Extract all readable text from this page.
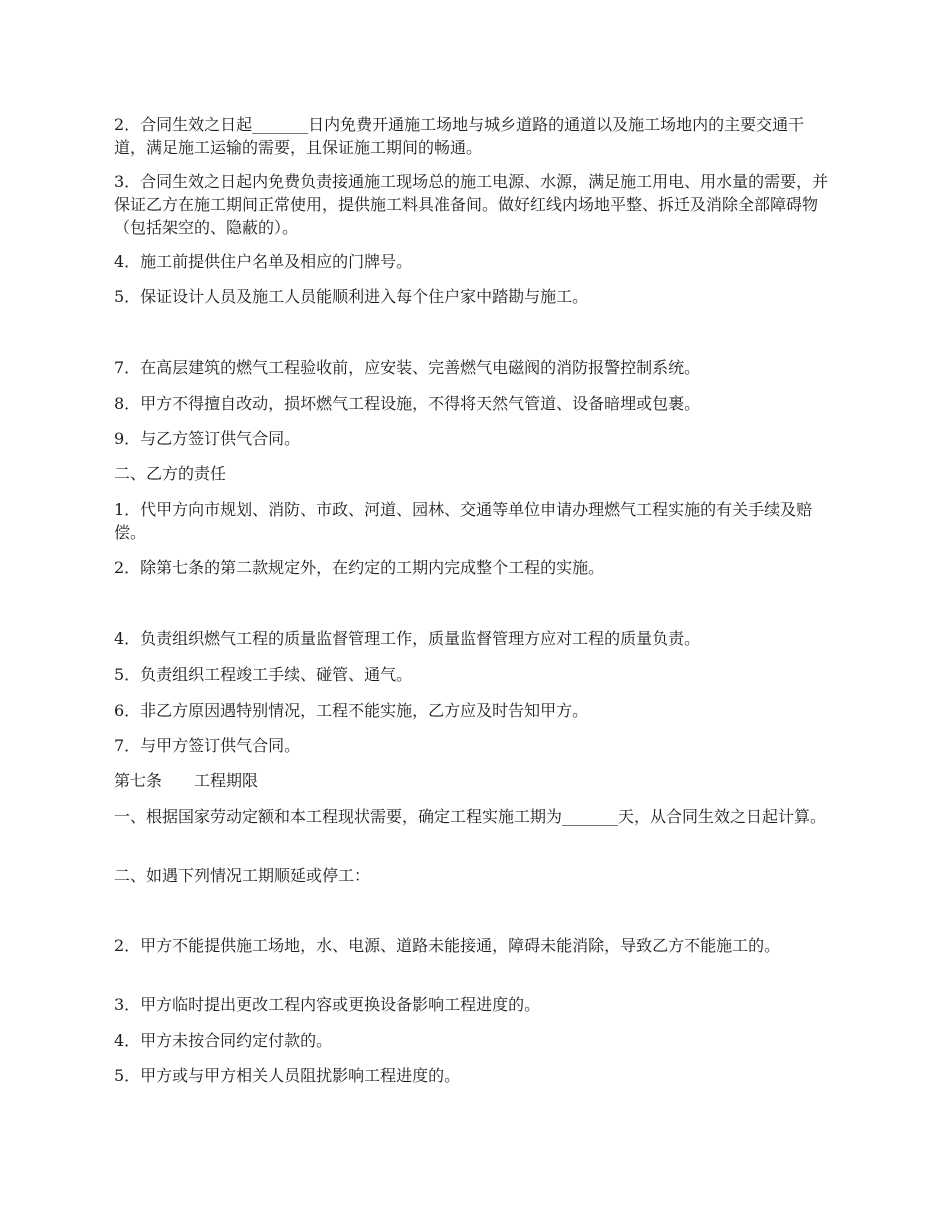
2．合同生效之日起_______日内免费开通施工场地与城乡道路的通道以及施工场地内的主要交通干道，满足施工运输的需要，且保证施工期间的畅通。

3．合同生效之日起内免费负责接通施工现场总的施工电源、水源，满足施工用电、用水量的需要，并保证乙方在施工期间正常使用，提供施工料具准备间。做好红线内场地平整、拆迁及消除全部障碍物（包括架空的、隐蔽的）。

4．施工前提供住户名单及相应的门牌号。

5．保证设计人员及施工人员能顺利进入每个住户家中踏勘与施工。

7．在高层建筑的燃气工程验收前，应安装、完善燃气电磁阀的消防报警控制系统。

8．甲方不得擅自改动，损坏燃气工程设施，不得将天然气管道、设备暗埋或包裹。

9．与乙方签订供气合同。

二、乙方的责任

1．代甲方向市规划、消防、市政、河道、园林、交通等单位申请办理燃气工程实施的有关手续及赔偿。

2．除第七条的第二款规定外，在约定的工期内完成整个工程的实施。

4．负责组织燃气工程的质量监督管理工作，质量监督管理方应对工程的质量负责。

5．负责组织工程竣工手续、碰管、通气。

6．非乙方原因遇特别情况，工程不能实施，乙方应及时告知甲方。

7．与甲方签订供气合同。

第七条　　工程期限

一、根据国家劳动定额和本工程现状需要，确定工程实施工期为_______天，从合同生效之日起计算。

二、如遇下列情况工期顺延或停工：

2．甲方不能提供施工场地，水、电源、道路未能接通，障碍未能消除，导致乙方不能施工的。

3．甲方临时提出更改工程内容或更换设备影响工程进度的。

4．甲方未按合同约定付款的。

5．甲方或与甲方相关人员阻扰影响工程进度的。
